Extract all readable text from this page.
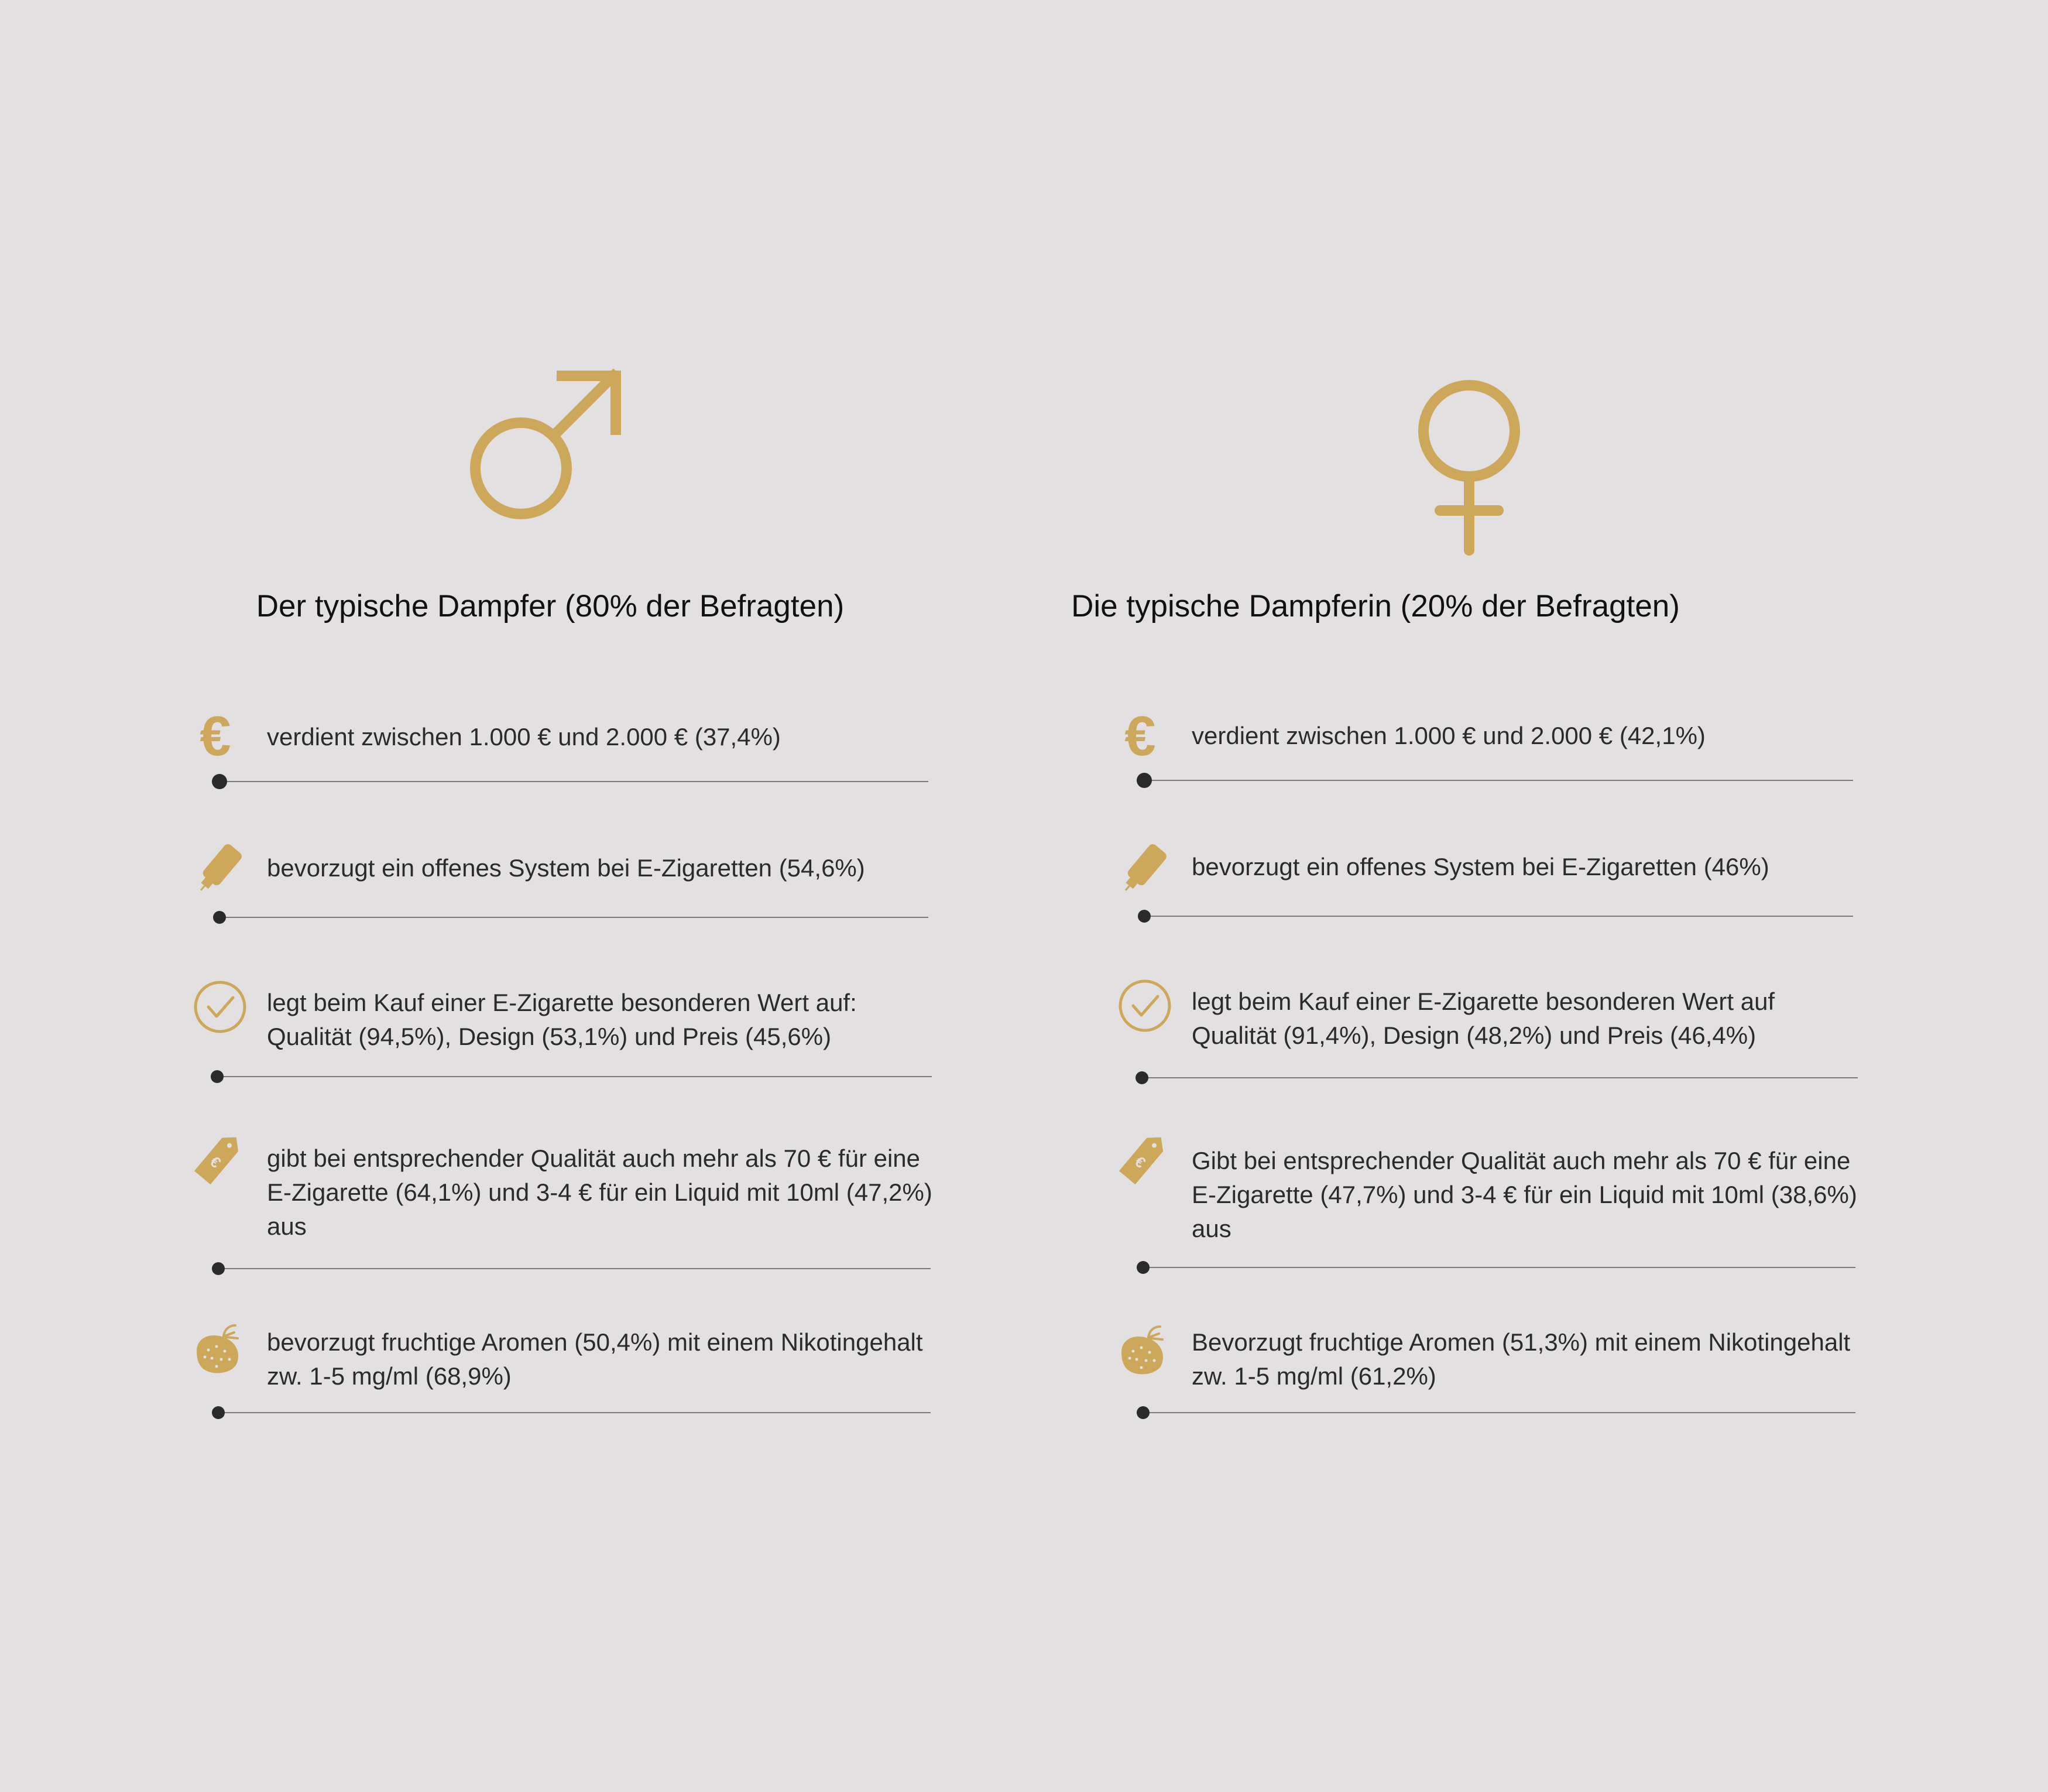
Der typische Dampfer (80% der Befragten)
€ verdient zwischen 1.000 € und 2.000 € (37,4%)
bevorzugt ein offenes System bei E-Zigaretten (54,6%)
legt beim Kauf einer E-Zigarette besonderen Wert auf: Qualität (94,5%), Design (53,1%) und Preis (45,6%)
€ gibt bei entsprechender Qualität auch mehr als 70 € für eine E-Zigarette (64,1%) und 3-4 € für ein Liquid mit 10ml (47,2%) aus
bevorzugt fruchtige Aromen (50,4%) mit einem Nikotingehalt zw. 1-5 mg/ml (68,9%)
Die typische Dampferin (20% der Befragten)
€ verdient zwischen 1.000 € und 2.000 € (42,1%)
bevorzugt ein offenes System bei E-Zigaretten (46%)
legt beim Kauf einer E-Zigarette besonderen Wert auf Qualität (91,4%), Design (48,2%) und Preis (46,4%)
€ Gibt bei entsprechender Qualität auch mehr als 70 € für eine E-Zigarette (47,7%) und 3-4 € für ein Liquid mit 10ml (38,6%) aus
Bevorzugt fruchtige Aromen (51,3%) mit einem Nikotingehalt zw. 1-5 mg/ml (61,2%)
